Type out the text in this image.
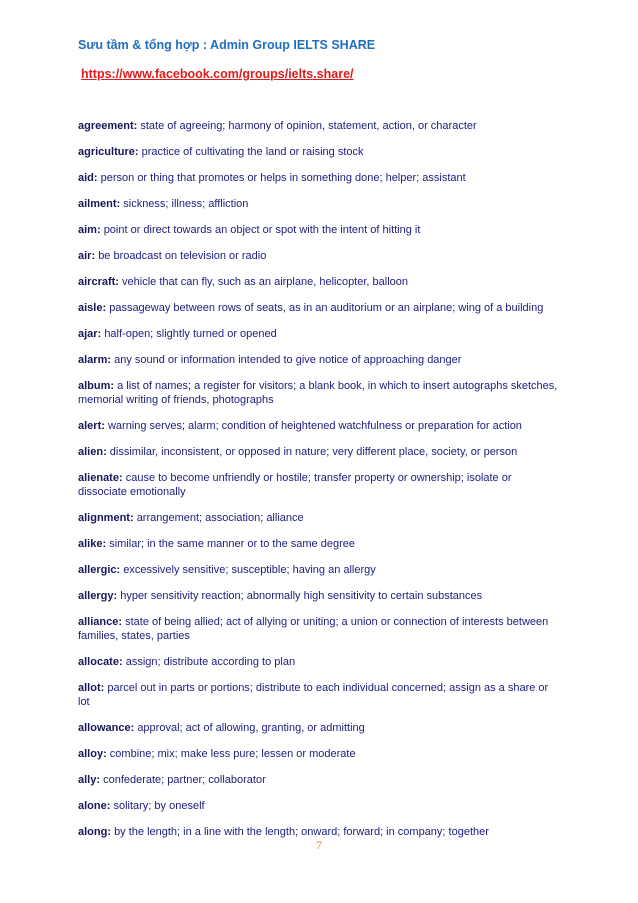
Sưu tầm & tổng hợp : Admin Group IELTS SHARE
https://www.facebook.com/groups/ielts.share/
agreement: state of agreeing; harmony of opinion, statement, action, or character
agriculture: practice of cultivating the land or raising stock
aid: person or thing that promotes or helps in something done; helper; assistant
ailment: sickness; illness; affliction
aim: point or direct towards an object or spot with the intent of hitting it
air: be broadcast on television or radio
aircraft: vehicle that can fly, such as an airplane, helicopter, balloon
aisle: passageway between rows of seats, as in an auditorium or an airplane; wing of a building
ajar: half-open; slightly turned or opened
alarm: any sound or information intended to give notice of approaching danger
album: a list of names; a register for visitors; a blank book, in which to insert autographs sketches, memorial writing of friends, photographs
alert: warning serves; alarm; condition of heightened watchfulness or preparation for action
alien: dissimilar, inconsistent, or opposed in nature; very different place, society, or person
alienate: cause to become unfriendly or hostile; transfer property or ownership; isolate or dissociate emotionally
alignment: arrangement; association; alliance
alike: similar; in the same manner or to the same degree
allergic: excessively sensitive; susceptible; having an allergy
allergy: hyper sensitivity reaction; abnormally high sensitivity to certain substances
alliance: state of being allied; act of allying or uniting; a union or connection of interests between families, states, parties
allocate: assign; distribute according to plan
allot: parcel out in parts or portions; distribute to each individual concerned; assign as a share or lot
allowance: approval; act of allowing, granting, or admitting
alloy: combine; mix; make less pure; lessen or moderate
ally: confederate; partner; collaborator
alone: solitary; by oneself
along: by the length; in a line with the length; onward; forward; in company; together
7
